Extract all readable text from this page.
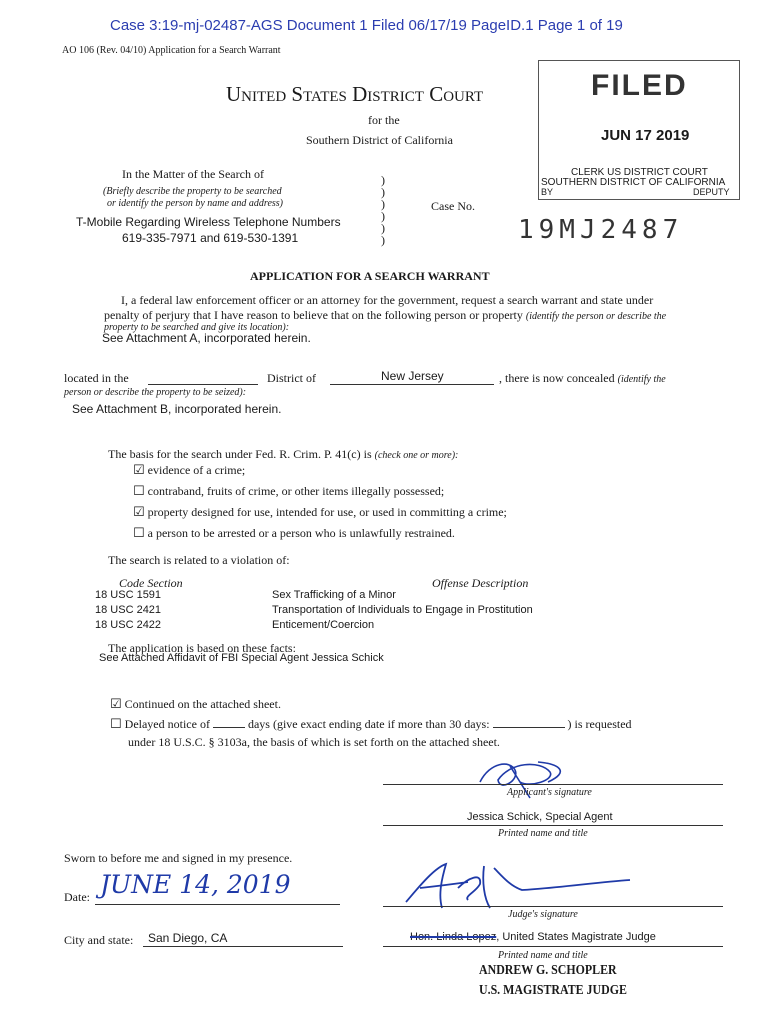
Case 3:19-mj-02487-AGS Document 1 Filed 06/17/19 PageID.1 Page 1 of 19
AO 106 (Rev. 04/10) Application for a Search Warrant
United States District Court
for the
Southern District of California
FILED
JUN 17 2019
CLERK US DISTRICT COURT
SOUTHERN DISTRICT OF CALIFORNIA
BY	DEPUTY
In the Matter of the Search of
(Briefly describe the property to be searched
or identify the person by name and address)
T-Mobile Regarding Wireless Telephone Numbers
619-335-7971 and 619-530-1391
)
)
)
)
)
)
Case No.
19MJ2487
APPLICATION FOR A SEARCH WARRANT
I, a federal law enforcement officer or an attorney for the government, request a search warrant and state under
penalty of perjury that I have reason to believe that on the following person or property (identify the person or describe the
property to be searched and give its location):
See Attachment A, incorporated herein.
located in the	District of	New Jersey	, there is now concealed (identify the
person or describe the property to be seized):
See Attachment B, incorporated herein.
The basis for the search under Fed. R. Crim. P. 41(c) is (check one or more):
☑ evidence of a crime;
☐ contraband, fruits of crime, or other items illegally possessed;
☑ property designed for use, intended for use, or used in committing a crime;
☐ a person to be arrested or a person who is unlawfully restrained.
The search is related to a violation of:
Code Section	Offense Description
18 USC 1591	Sex Trafficking of a Minor
18 USC 2421	Transportation of Individuals to Engage in Prostitution
18 USC 2422	Enticement/Coercion
The application is based on these facts:
See Attached Affidavit of FBI Special Agent Jessica Schick
☑ Continued on the attached sheet.
☐ Delayed notice of	days (give exact ending date if more than 30 days:	) is requested
under 18 U.S.C. § 3103a, the basis of which is set forth on the attached sheet.
Applicant's signature
Jessica Schick, Special Agent
Printed name and title
Sworn to before me and signed in my presence.
Date: JUNE 14, 2019
Judge's signature
City and state: San Diego, CA	Hon. Linda Lopez, United States Magistrate Judge
Printed name and title
ANDREW G. SCHOPLER
U.S. MAGISTRATE JUDGE
